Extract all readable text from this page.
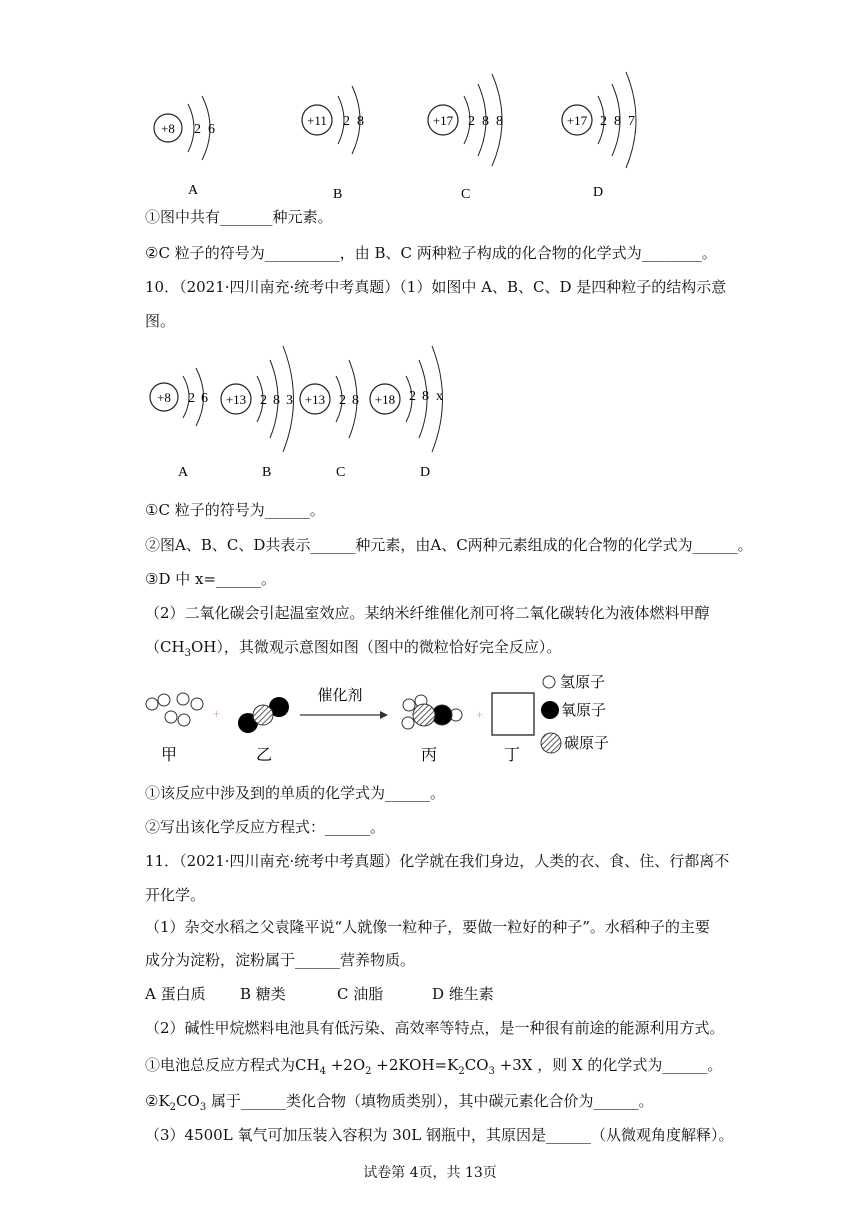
+8 2 6
A
+11 2 8
B
+17 2 8 8
C
+17 2 8 7
D
①图中共有_______种元素。
②C 粒子的符号为__________，由 B、C 两种粒子构成的化合物的化学式为________。
10．（2021·四川南充·统考中考真题）（1）如图中 A、B、C、D 是四种粒子的结构示意
图。
+8 2 6
A
+13 2 8 3
B
+13 2 8
C
+18 2 8 x
D
①C 粒子的符号为______。
②图A、B、C、D共表示______种元素，由A、C两种元素组成的化合物的化学式为______。
③D 中 x=______。
（2）二氧化碳会引起温室效应。某纳米纤维催化剂可将二氧化碳转化为液体燃料甲醇
$(CH_3OH)$，其微观示意图如图（图中的微粒恰好完全反应）。
甲
+
乙
催化剂
丙
+
丁
氢原子
氧原子
碳原子
①该反应中涉及到的单质的化学式为______。
②写出该化学反应方程式：______。
11．（2021·四川南充·统考中考真题）化学就在我们身边，人类的衣、食、住、行都离不
开化学。
（1）杂交水稻之父袁隆平说“人就像一粒种子，要做一粒好的种子”。水稻种子的主要
成分为淀粉，淀粉属于______营养物质。
A 蛋白质 B 糖类	C 油脂	D 维生素
（2）碱性甲烷燃料电池具有低污染、高效率等特点，是一种很有前途的能源利用方式。
①电池总反应方程式为$CH_4 +2O_2 +2KOH=K_2CO_3 +3X$ ，则 X 的化学式为______。
$②K_2CO_3$ 属于______类化合物（填物质类别），其中碳元素化合价为______。
（3）4500L 氧气可加压装入容积为 30L 钢瓶中，其原因是______（从微观角度解释）。
试卷第 4页，共 13页
